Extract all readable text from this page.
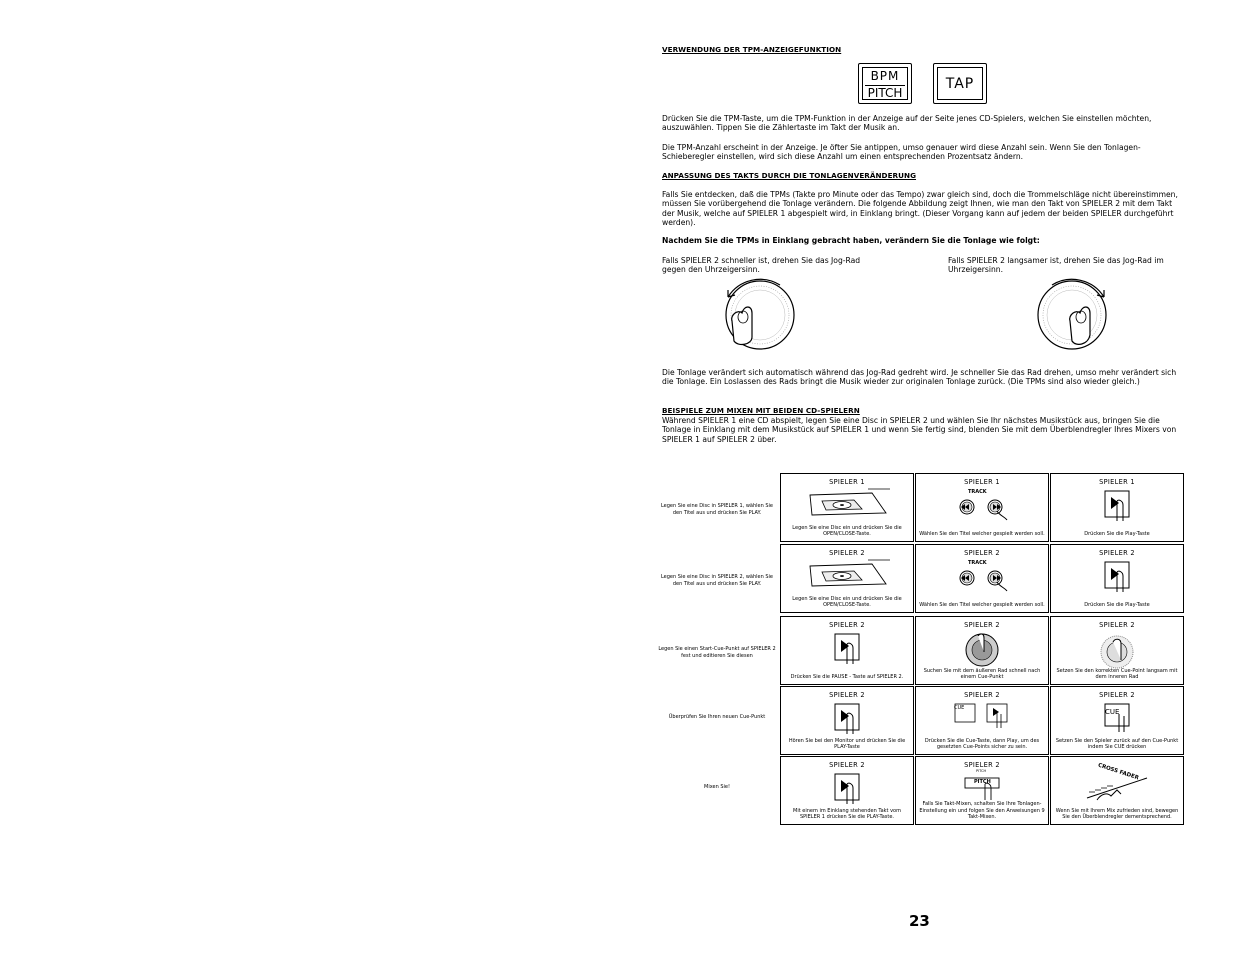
VERWENDUNG DER TPM-ANZEIGEFUNKTION
BPM
PITCH
TAP
Drücken Sie die TPM-Taste, um die TPM-Funktion in der Anzeige auf der Seite jenes CD-Spielers, welchen Sie einstellen möchten, auszuwählen. Tippen Sie die Zählertaste im Takt der Musik an.
Die TPM-Anzahl erscheint in der Anzeige. Je öfter Sie antippen, umso genauer wird diese Anzahl sein. Wenn Sie den Tonlagen-Schieberegler einstellen, wird sich diese Anzahl um einen entsprechenden Prozentsatz ändern.
ANPASSUNG DES TAKTS DURCH DIE TONLAGENVERÄNDERUNG
Falls Sie entdecken, daß die TPMs (Takte pro Minute oder das Tempo) zwar gleich sind, doch die Trommelschläge nicht übereinstimmen, müssen Sie vorübergehend die Tonlage verändern. Die folgende Abbildung zeigt Ihnen, wie man den Takt von SPIELER 2 mit dem Takt der Musik, welche auf SPIELER 1 abgespielt wird, in Einklang bringt. (Dieser Vorgang kann auf jedem der beiden SPIELER durchgeführt werden).
Nachdem Sie die TPMs in Einklang gebracht haben, verändern Sie die Tonlage wie folgt:
Falls SPIELER 2 schneller ist, drehen Sie das Jog-Rad gegen den Uhrzeigersinn.
Falls SPIELER 2 langsamer ist, drehen Sie das Jog-Rad im Uhrzeigersinn.
Die Tonlage verändert sich automatisch während das Jog-Rad gedreht wird. Je schneller Sie das Rad drehen, umso mehr verändert sich die Tonlage. Ein Loslassen des Rads bringt die Musik wieder zur originalen Tonlage zurück. (Die TPMs sind also wieder gleich.)
BEISPIELE ZUM MIXEN MIT BEIDEN CD-SPIELERN
Während SPIELER 1 eine CD abspielt, legen Sie eine Disc in SPIELER 2 und wählen Sie Ihr nächstes Musikstück aus, bringen Sie die Tonlage in Einklang mit dem Musikstück auf SPIELER 1 und wenn Sie fertig sind, blenden Sie mit dem Überblendregler Ihres Mixers von SPIELER 1 auf SPIELER 2 über.
Legen Sie eine Disc in SPIELER 1, wählen Sie den Titel aus und drücken Sie PLAY.
SPIELER 1
Legen Sie eine Disc ein und drücken Sie die OPEN/CLOSE-Taste.
SPIELER 1
TRACK
Wählen Sie den Titel welcher gespielt werden soll.
SPIELER 1
Drücken Sie die Play-Taste
Legen Sie eine Disc in SPIELER 2, wählen Sie den Titel aus und drücken Sie PLAY.
SPIELER 2
Legen Sie eine Disc ein und drücken Sie die OPEN/CLOSE-Taste.
SPIELER 2
TRACK
Wählen Sie den Titel welcher gespielt werden soll.
SPIELER 2
Drücken Sie die Play-Taste
Legen Sie einen Start-Cue-Punkt auf SPIELER 2 fest und editieren Sie diesen
SPIELER 2
Drücken Sie die PAUSE - Taste auf SPIELER 2.
SPIELER 2
Suchen Sie mit dem äußeren Rad schnell nach einem Cue-Punkt
SPIELER 2
Setzen Sie den korrekten Cue-Point langsam mit dem inneren Rad
Überprüfen Sie Ihren neuen Cue-Punkt
SPIELER 2
Hören Sie bei den Monitor und drücken Sie die PLAY-Taste
SPIELER 2
CUE
Drücken Sie die Cue-Taste, dann Play, um des gesetzten Cue-Points sicher zu sein.
SPIELER 2
CUE
Setzen Sie den Spieler zurück auf den Cue-Punkt indem Sie CUE drücken
Mixen Sie!
SPIELER 2
Mit einem im Einklang stehenden Takt vom SPIELER 1 drücken Sie die PLAY-Taste.
SPIELER 2
PITCH
PITCH
Falls Sie Takt-Mixen, schalten Sie Ihre Tonlagen-Einstellung ein und folgen Sie den Anweisungen 9 Takt-Mixen.
CROSS FADER
Wenn Sie mit Ihrem Mix zufrieden sind, bewegen Sie den Überblendregler dementsprechend.
23
